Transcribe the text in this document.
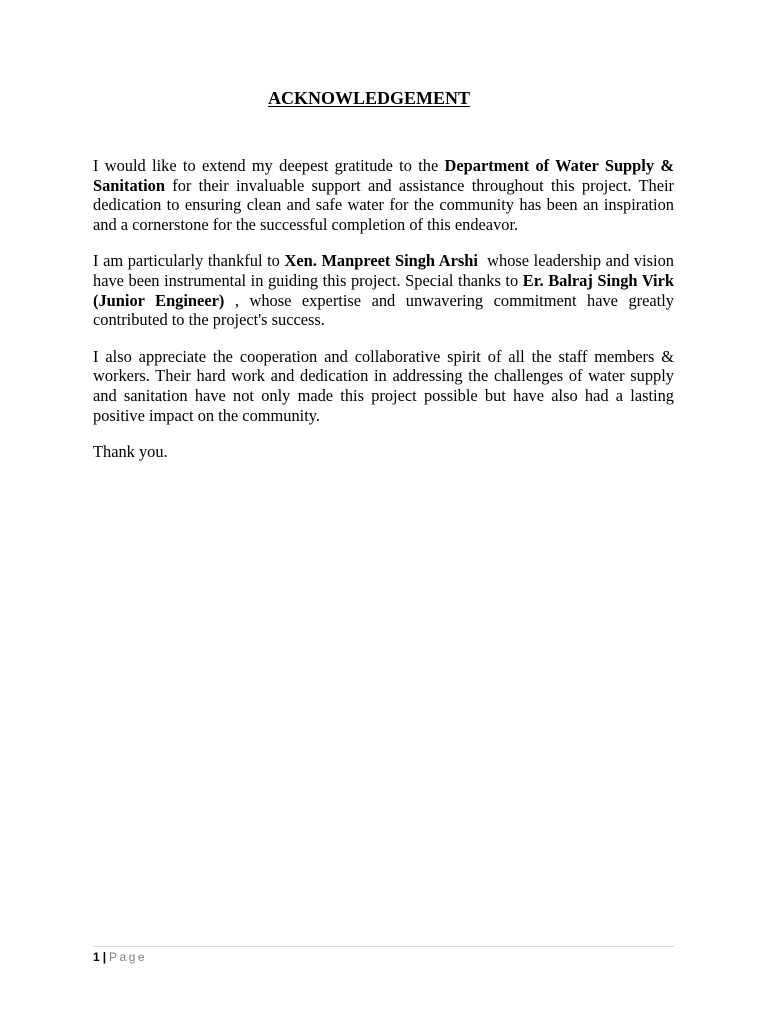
ACKNOWLEDGEMENT

I would like to extend my deepest gratitude to the Department of Water Supply & Sanitation for their invaluable support and assistance throughout this project. Their dedication to ensuring clean and safe water for the community has been an inspiration and a cornerstone for the successful completion of this endeavor.

I am particularly thankful to Xen. Manpreet Singh Arshi  whose leadership and vision have been instrumental in guiding this project. Special thanks to Er. Balraj Singh Virk (Junior Engineer) , whose expertise and unwavering commitment have greatly contributed to the project's success.

I also appreciate the cooperation and collaborative spirit of all the staff members & workers. Their hard work and dedication in addressing the challenges of water supply and sanitation have not only made this project possible but have also had a lasting positive impact on the community.

Thank you.

1 | Page
